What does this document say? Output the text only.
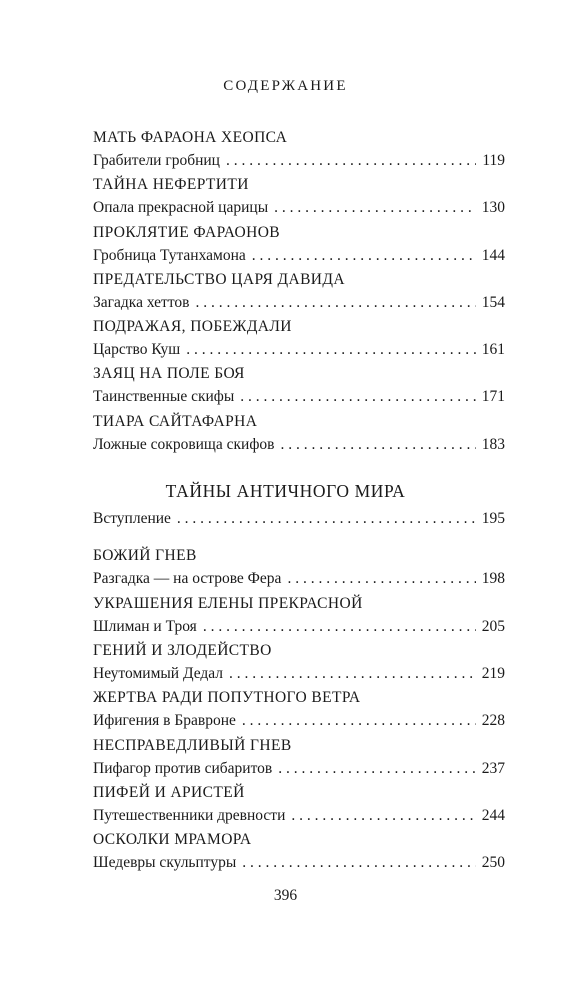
СОДЕРЖАНИЕ
МАТЬ ФАРАОНА ХЕОПСА
Грабители гробниц . . .	119
ТАЙНА НЕФЕРТИТИ
Опала прекрасной царицы . . .	130
ПРОКЛЯТИЕ ФАРАОНОВ
Гробница Тутанхамона . . .	144
ПРЕДАТЕЛЬСТВО ЦАРЯ ДАВИДА
Загадка хеттов . . .	154
ПОДРАЖАЯ, ПОБЕЖДАЛИ
Царство Куш . . .	161
ЗАЯЦ НА ПОЛЕ БОЯ
Таинственные скифы . . .	171
ТИАРА САЙТАФАРНА
Ложные сокровища скифов . . .	183
ТАЙНЫ АНТИЧНОГО МИРА
Вступление . . .	195
БОЖИЙ ГНЕВ
Разгадка — на острове Фера . . .	198
УКРАШЕНИЯ ЕЛЕНЫ ПРЕКРАСНОЙ
Шлиман и Троя . . .	205
ГЕНИЙ И ЗЛОДЕЙСТВО
Неутомимый Дедал . . .	219
ЖЕРТВА РАДИ ПОПУТНОГО ВЕТРА
Ифигения в Бравроне . . .	228
НЕСПРАВЕДЛИВЫЙ ГНЕВ
Пифагор против сибаритов . . .	237
ПИФЕЙ И АРИСТЕЙ
Путешественники древности . . .	244
ОСКОЛКИ МРАМОРА
Шедевры скульптуры . . .	250
396
